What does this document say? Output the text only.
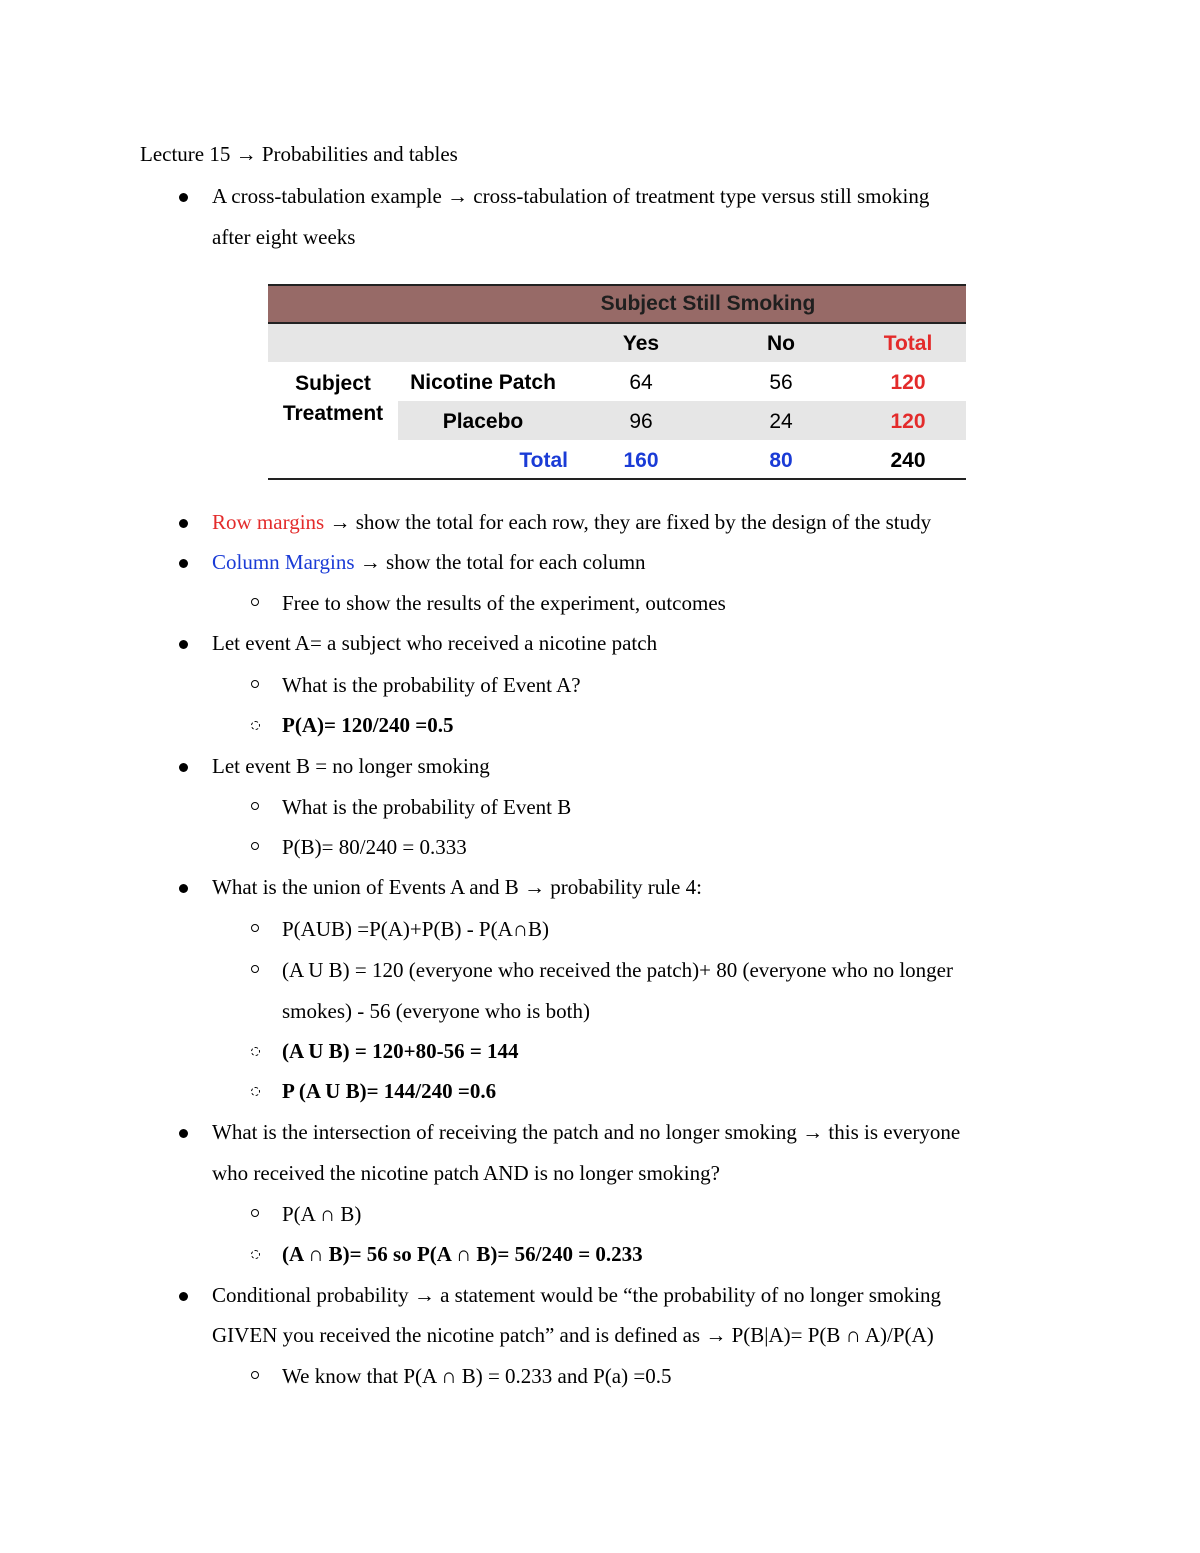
Lecture 15 → Probabilities and tables
A cross-tabulation example → cross-tabulation of treatment type versus still smoking
after eight weeks
Subject Still Smoking
Yes	No	Total
Subject
Treatment
Nicotine Patch	64	56	120
Placebo	96	24	120
Total	160	80	240
Row margins → show the total for each row, they are fixed by the design of the study
Column Margins → show the total for each column
Free to show the results of the experiment, outcomes
Let event A= a subject who received a nicotine patch
What is the probability of Event A?
P(A)= 120/240 =0.5
Let event B = no longer smoking
What is the probability of Event B
P(B)= 80/240 = 0.333
What is the union of Events A and B → probability rule 4:
P(AUB) =P(A)+P(B) - P(A∩B)
(A U B) = 120 (everyone who received the patch)+ 80 (everyone who no longer
smokes) - 56 (everyone who is both)
(A U B) = 120+80-56 = 144
P (A U B)= 144/240 =0.6
What is the intersection of receiving the patch and no longer smoking → this is everyone
who received the nicotine patch AND is no longer smoking?
P(A ∩ B)
(A ∩ B)= 56 so P(A ∩ B)= 56/240 = 0.233
Conditional probability → a statement would be “the probability of no longer smoking
GIVEN you received the nicotine patch” and is defined as → P(B|A)= P(B ∩ A)/P(A)
We know that P(A ∩ B) = 0.233 and P(a) =0.5
